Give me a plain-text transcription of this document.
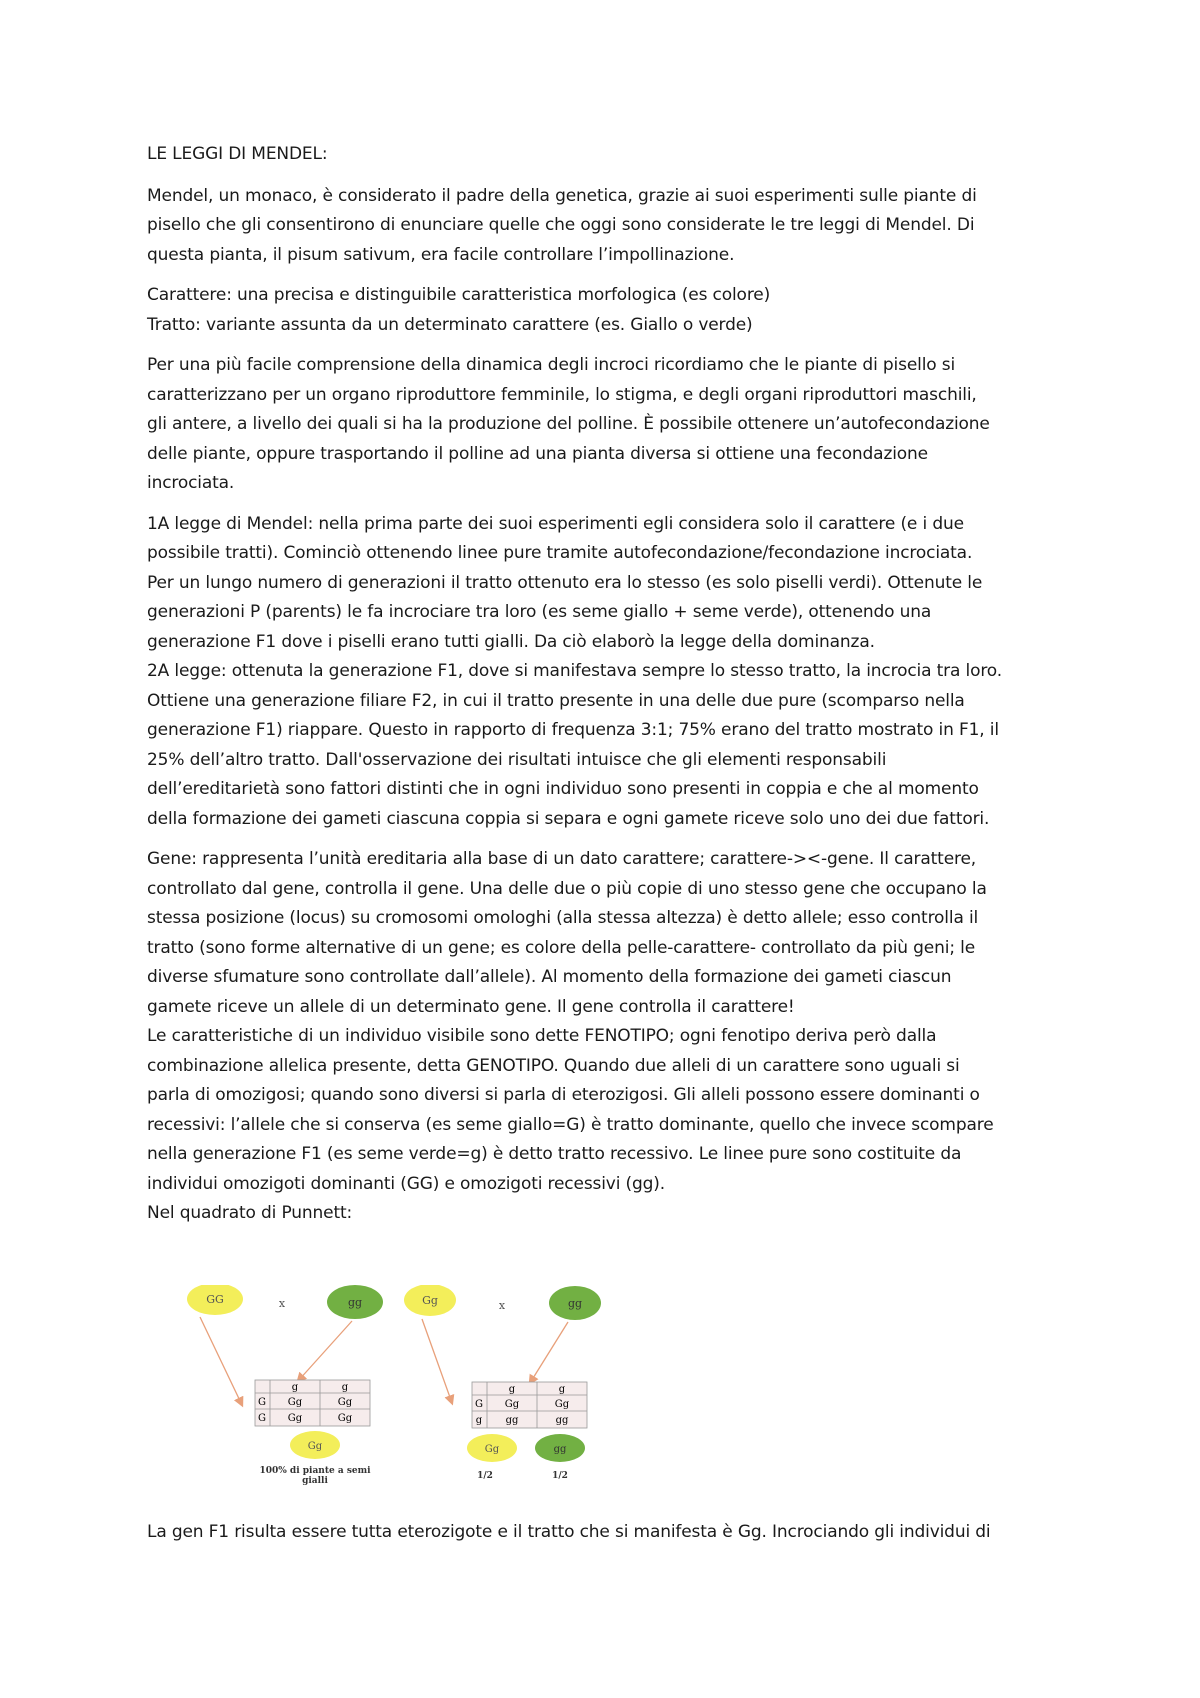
LE LEGGI DI MENDEL:
Mendel, un monaco, è considerato il padre della genetica, grazie ai suoi esperimenti sulle piante di
pisello che gli consentirono di enunciare quelle che oggi sono considerate le tre leggi di Mendel. Di
questa pianta, il pisum sativum, era facile controllare l’impollinazione.
Carattere: una precisa e distinguibile caratteristica morfologica (es colore)
Tratto: variante assunta da un determinato carattere (es. Giallo o verde)
Per una più facile comprensione della dinamica degli incroci ricordiamo che le piante di pisello si
caratterizzano per un organo riproduttore femminile, lo stigma, e degli organi riproduttori maschili,
gli antere, a livello dei quali si ha la produzione del polline. È possibile ottenere un’autofecondazione
delle piante, oppure trasportando il polline ad una pianta diversa si ottiene una fecondazione
incrociata.
1A legge di Mendel: nella prima parte dei suoi esperimenti egli considera solo il carattere (e i due
possibile tratti). Cominciò ottenendo linee pure tramite autofecondazione/fecondazione incrociata.
Per un lungo numero di generazioni il tratto ottenuto era lo stesso (es solo piselli verdi). Ottenute le
generazioni P (parents) le fa incrociare tra loro (es seme giallo + seme verde), ottenendo una
generazione F1 dove i piselli erano tutti gialli. Da ciò elaborò la legge della dominanza.
2A legge: ottenuta la generazione F1, dove si manifestava sempre lo stesso tratto, la incrocia tra loro.
Ottiene una generazione filiare F2, in cui il tratto presente in una delle due pure (scomparso nella
generazione F1) riappare. Questo in rapporto di frequenza 3:1; 75% erano del tratto mostrato in F1, il
25% dell’altro tratto. Dall'osservazione dei risultati intuisce che gli elementi responsabili
dell’ereditarietà sono fattori distinti che in ogni individuo sono presenti in coppia e che al momento
della formazione dei gameti ciascuna coppia si separa e ogni gamete riceve solo uno dei due fattori.
Gene: rappresenta l’unità ereditaria alla base di un dato carattere; carattere-><-gene. Il carattere,
controllato dal gene, controlla il gene. Una delle due o più copie di uno stesso gene che occupano la
stessa posizione (locus) su cromosomi omologhi (alla stessa altezza) è detto allele; esso controlla il
tratto (sono forme alternative di un gene; es colore della pelle-carattere- controllato da più geni; le
diverse sfumature sono controllate dall’allele). Al momento della formazione dei gameti ciascun
gamete riceve un allele di un determinato gene. Il gene controlla il carattere!
Le caratteristiche di un individuo visibile sono dette FENOTIPO; ogni fenotipo deriva però dalla
combinazione allelica presente, detta GENOTIPO. Quando due alleli di un carattere sono uguali si
parla di omozigosi; quando sono diversi si parla di eterozigosi. Gli alleli possono essere dominanti o
recessivi: l’allele che si conserva (es seme giallo=G) è tratto dominante, quello che invece scompare
nella generazione F1 (es seme verde=g) è detto tratto recessivo. Le linee pure sono costituite da
individui omozigoti dominanti (GG) e omozigoti recessivi (gg).
Nel quadrato di Punnett:
GG	x	gg
g	g
G Gg	Gg
G Gg	Gg
Gg
100% di piante a semi
gialli
Gg	x	gg
g	g
G Gg	Gg
g gg	gg
Gg	gg
1/2	1/2
La gen F1 risulta essere tutta eterozigote e il tratto che si manifesta è Gg. Incrociando gli individui di
